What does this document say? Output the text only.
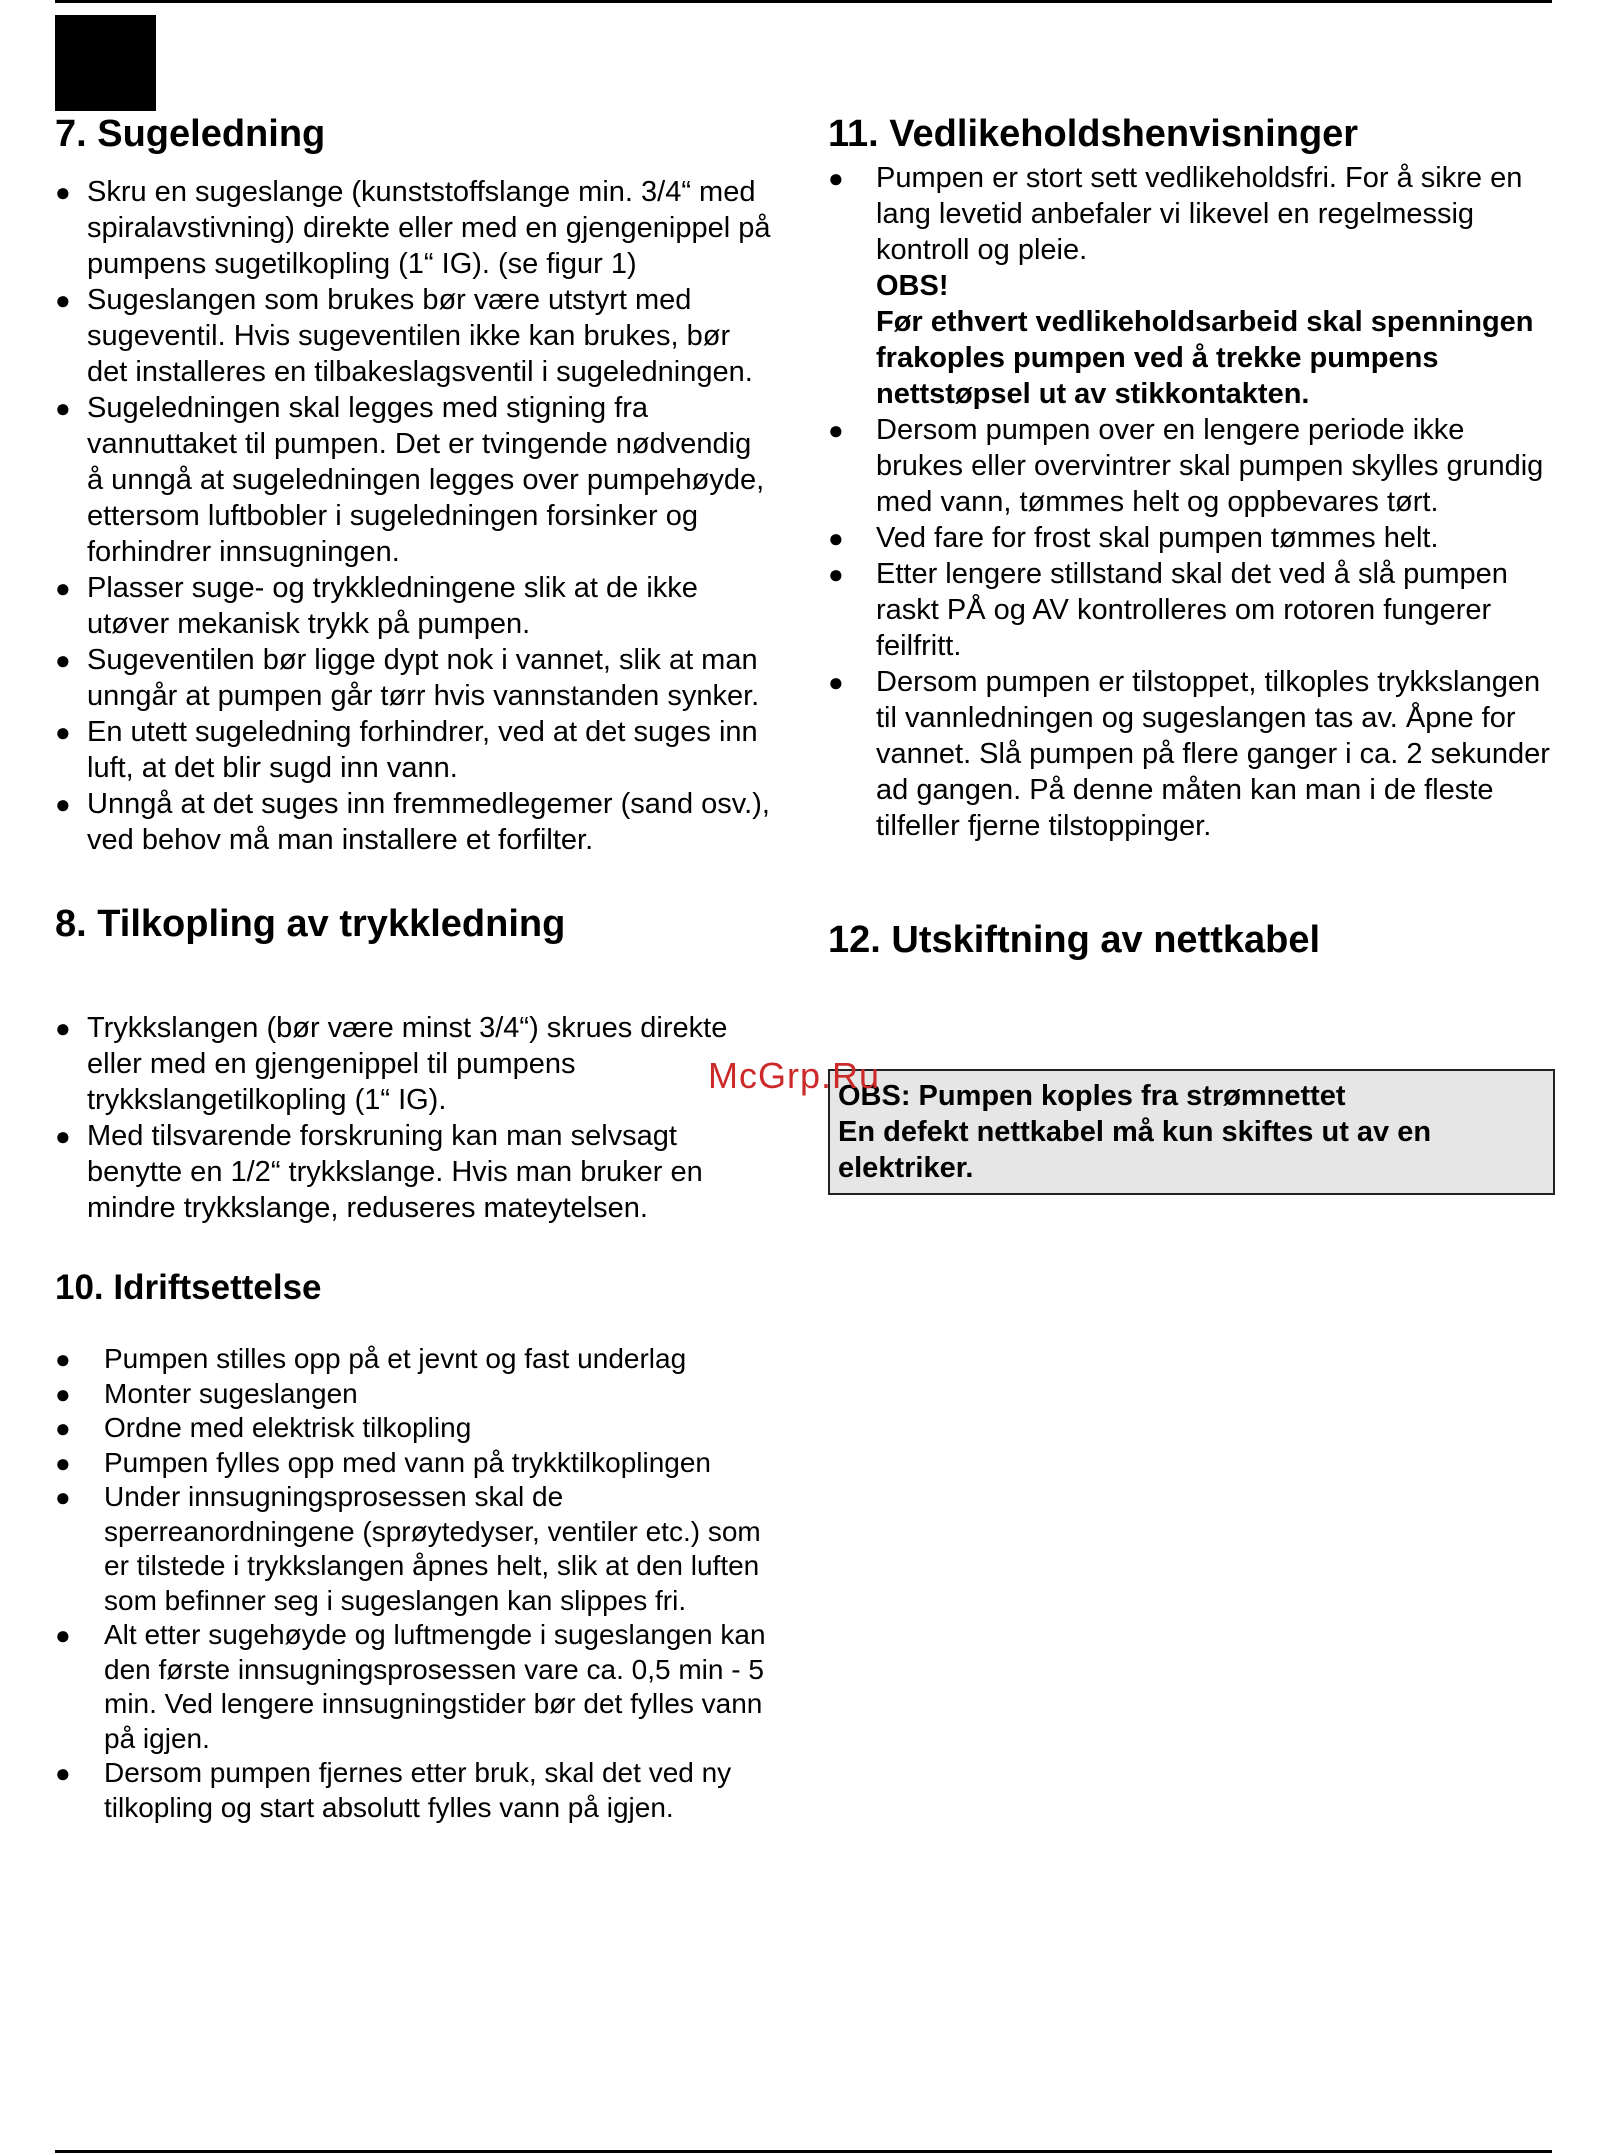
7. Sugeledning
● Skru en sugeslange (kunststoffslange min. 3/4“ med spiralavstivning) direkte eller med en gjengenippel på pumpens sugetilkopling (1“ IG). (se figur 1)
● Sugeslangen som brukes bør være utstyrt med sugeventil. Hvis sugeventilen ikke kan brukes, bør det installeres en tilbakeslagsventil i sugeledningen.
● Sugeledningen skal legges med stigning fra vannuttaket til pumpen. Det er tvingende nødvendig å unngå at sugeledningen legges over pumpehøyde, ettersom luftbobler i sugeledningen forsinker og forhindrer innsugningen.
● Plasser suge- og trykkledningene slik at de ikke utøver mekanisk trykk på pumpen.
● Sugeventilen bør ligge dypt nok i vannet, slik at man unngår at pumpen går tørr hvis vannstanden synker.
● En utett sugeledning forhindrer, ved at det suges inn luft, at det blir sugd inn vann.
● Unngå at det suges inn fremmedlegemer (sand osv.), ved behov må man installere et forfilter.
8. Tilkopling av trykkledning
● Trykkslangen (bør være minst 3/4“) skrues direkte eller med en gjengenippel til pumpens trykkslangetilkopling (1“ IG).
● Med tilsvarende forskruning kan man selvsagt benytte en 1/2“ trykkslange. Hvis man bruker en mindre trykkslange, reduseres mateytelsen.
10. Idriftsettelse
● Pumpen stilles opp på et jevnt og fast underlag
● Monter sugeslangen
● Ordne med elektrisk tilkopling
● Pumpen fylles opp med vann på trykktilkoplingen
● Under innsugningsprosessen skal de sperreanordningene (sprøytedyser, ventiler etc.) som er tilstede i trykkslangen åpnes helt, slik at den luften som befinner seg i sugeslangen kan slippes fri.
● Alt etter sugehøyde og luftmengde i sugeslangen kan den første innsugningsprosessen vare ca. 0,5 min - 5 min. Ved lengere innsugningstider bør det fylles vann på igjen.
● Dersom pumpen fjernes etter bruk, skal det ved ny tilkopling og start absolutt fylles vann på igjen.
11. Vedlikeholdshenvisninger
● Pumpen er stort sett vedlikeholdsfri. For å sikre en lang levetid anbefaler vi likevel en regelmessig kontroll og pleie.
OBS!
Før ethvert vedlikeholdsarbeid skal spenningen frakoples pumpen ved å trekke pumpens nettstøpsel ut av stikkontakten.
● Dersom pumpen over en lengere periode ikke brukes eller overvintrer skal pumpen skylles grundig med vann, tømmes helt og oppbevares tørt.
● Ved fare for frost skal pumpen tømmes helt.
● Etter lengere stillstand skal det ved å slå pumpen raskt PÅ og AV kontrolleres om rotoren fungerer feilfritt.
● Dersom pumpen er tilstoppet, tilkoples trykkslangen til vannledningen og sugeslangen tas av. Åpne for vannet. Slå pumpen på flere ganger i ca. 2 sekunder ad gangen. På denne måten kan man i de fleste tilfeller fjerne tilstoppinger.
12. Utskiftning av nettkabel
OBS: Pumpen koples fra strømnettet
En defekt nettkabel må kun skiftes ut av en elektriker.
McGrp.Ru
